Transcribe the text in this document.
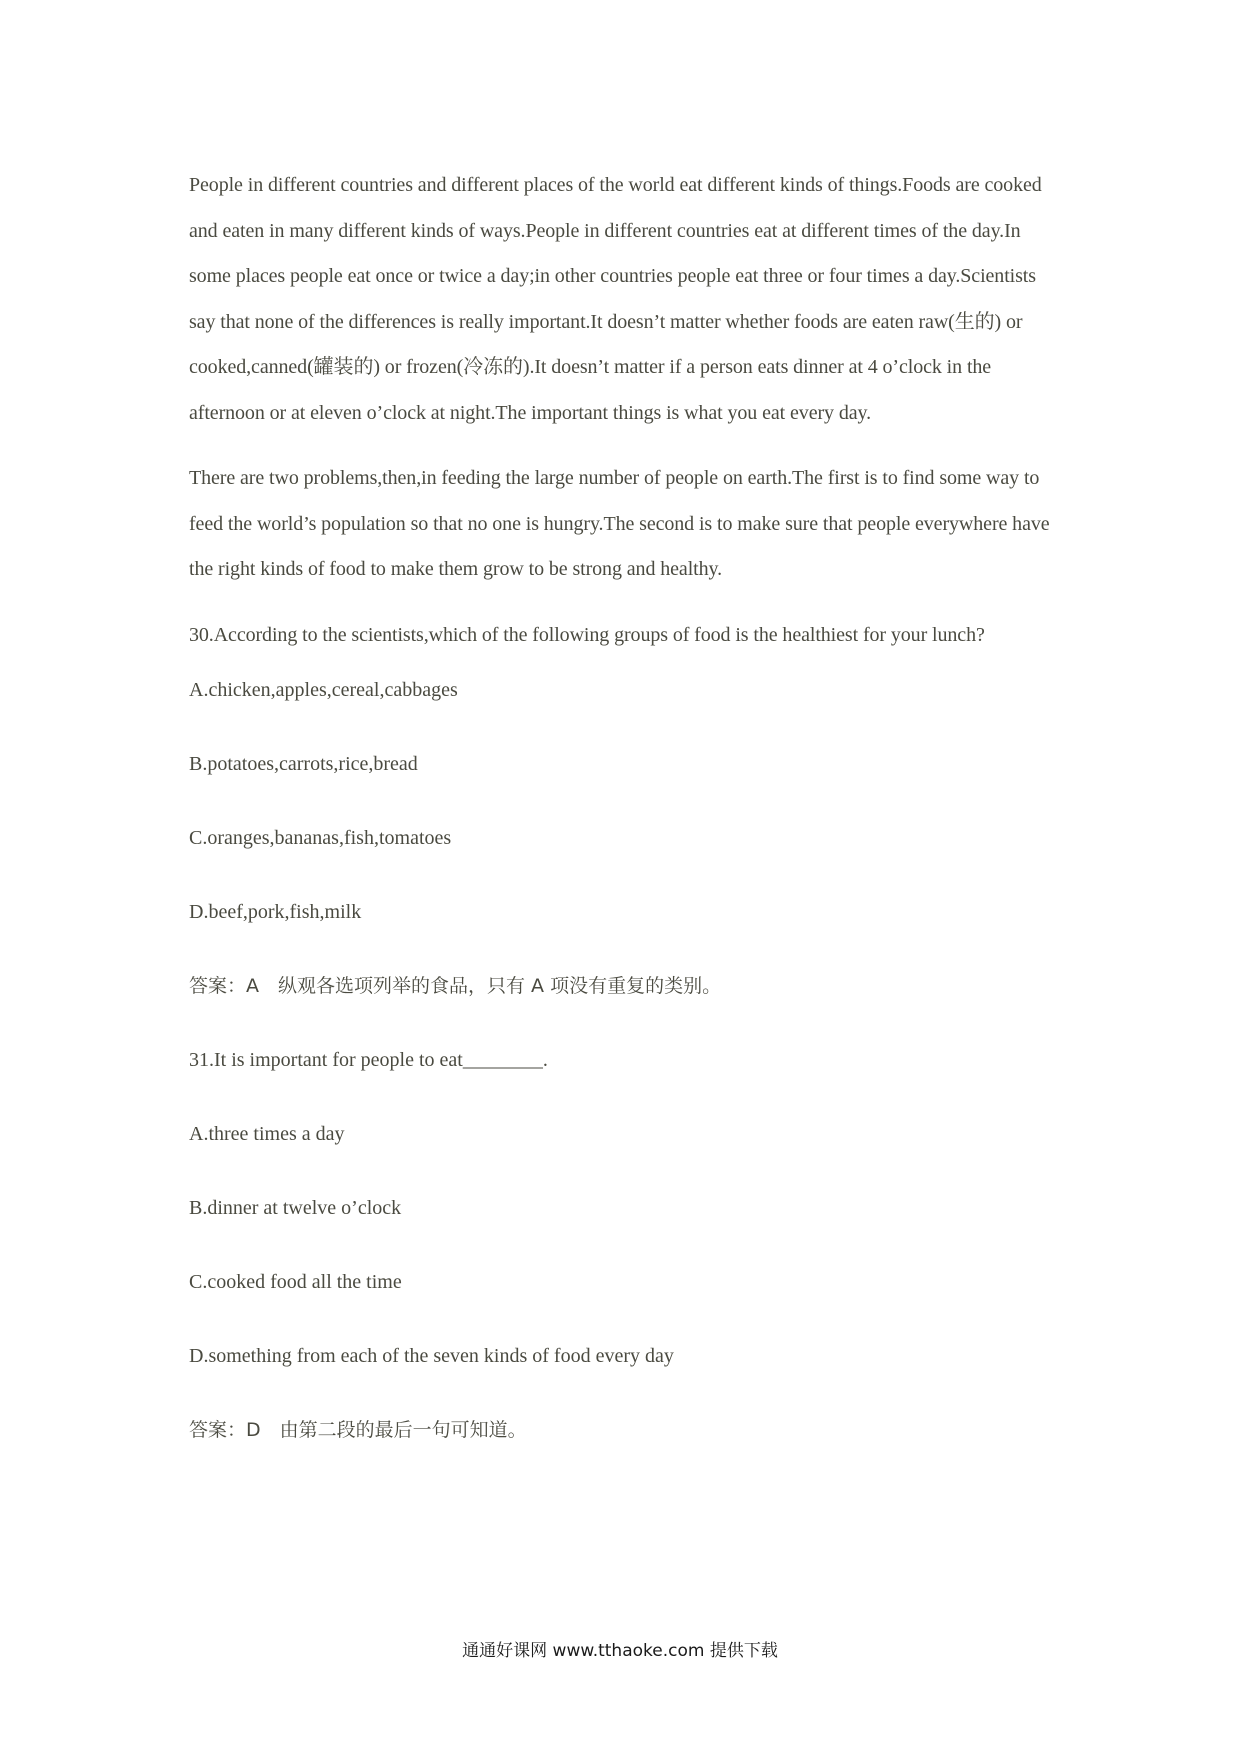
People in different countries and different places of the world eat different kinds of things.Foods are cooked and eaten in many different kinds of ways.People in different countries eat at different times of the day.In some places people eat once or twice a day;in other countries people eat three or four times a day.Scientists say that none of the differences is really important.It doesn’t matter whether foods are eaten raw(生的) or cooked,canned(罐装的) or frozen(冷冻的).It doesn’t matter if a person eats dinner at 4 o’clock in the afternoon or at eleven o’clock at night.The important things is what you eat every day.

There are two problems,then,in feeding the large number of people on earth.The first is to find some way to feed the world’s population so that no one is hungry.The second is to make sure that people everywhere have the right kinds of food to make them grow to be strong and healthy.

30.According to the scientists,which of the following groups of food is the healthiest for your lunch?

A.chicken,apples,cereal,cabbages
B.potatoes,carrots,rice,bread
C.oranges,bananas,fish,tomatoes
D.beef,pork,fish,milk
答案：A　纵观各选项列举的食品，只有 A 项没有重复的类别。
31.It is important for people to eat________.
A.three times a day
B.dinner at twelve o’clock
C.cooked food all the time
D.something from each of the seven kinds of food every day
答案：D　由第二段的最后一句可知道。
通通好课网 www.tthaoke.com 提供下载
